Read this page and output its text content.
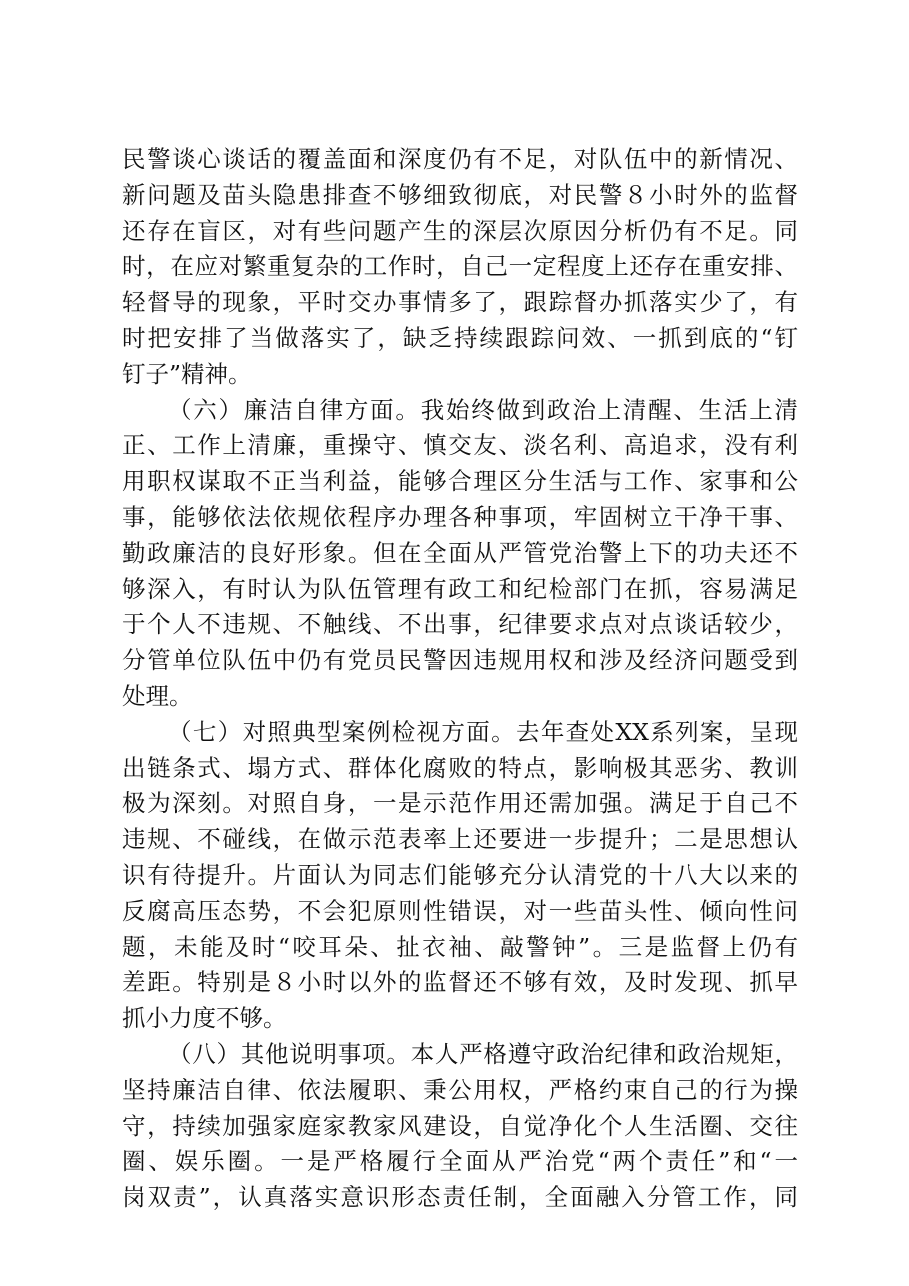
民警谈心谈话的覆盖面和深度仍有不足，对队伍中的新情况、
新问题及苗头隐患排查不够细致彻底，对民警８小时外的监督
还存在盲区，对有些问题产生的深层次原因分析仍有不足。同
时，在应对繁重复杂的工作时，自己一定程度上还存在重安排、
轻督导的现象，平时交办事情多了，跟踪督办抓落实少了，有
时把安排了当做落实了，缺乏持续跟踪问效、一抓到底的“钉
钉子”精神。
（六）廉洁自律方面。我始终做到政治上清醒、生活上清
正、工作上清廉，重操守、慎交友、淡名利、高追求，没有利
用职权谋取不正当利益，能够合理区分生活与工作、家事和公
事，能够依法依规依程序办理各种事项，牢固树立干净干事、
勤政廉洁的良好形象。但在全面从严管党治警上下的功夫还不
够深入，有时认为队伍管理有政工和纪检部门在抓，容易满足
于个人不违规、不触线、不出事，纪律要求点对点谈话较少，
分管单位队伍中仍有党员民警因违规用权和涉及经济问题受到
处理。
（七）对照典型案例检视方面。去年查处XX系列案，呈现
出链条式、塌方式、群体化腐败的特点，影响极其恶劣、教训
极为深刻。对照自身，一是示范作用还需加强。满足于自己不
违规、不碰线，在做示范表率上还要进一步提升；二是思想认
识有待提升。片面认为同志们能够充分认清党的十八大以来的
反腐高压态势，不会犯原则性错误，对一些苗头性、倾向性问
题，未能及时“咬耳朵、扯衣袖、敲警钟”。三是监督上仍有
差距。特别是８小时以外的监督还不够有效，及时发现、抓早
抓小力度不够。
（八）其他说明事项。本人严格遵守政治纪律和政治规矩，
坚持廉洁自律、依法履职、秉公用权，严格约束自己的行为操
守，持续加强家庭家教家风建设，自觉净化个人生活圈、交往
圈、娱乐圈。一是严格履行全面从严治党“两个责任”和“一
岗双责”，认真落实意识形态责任制，全面融入分管工作，同
